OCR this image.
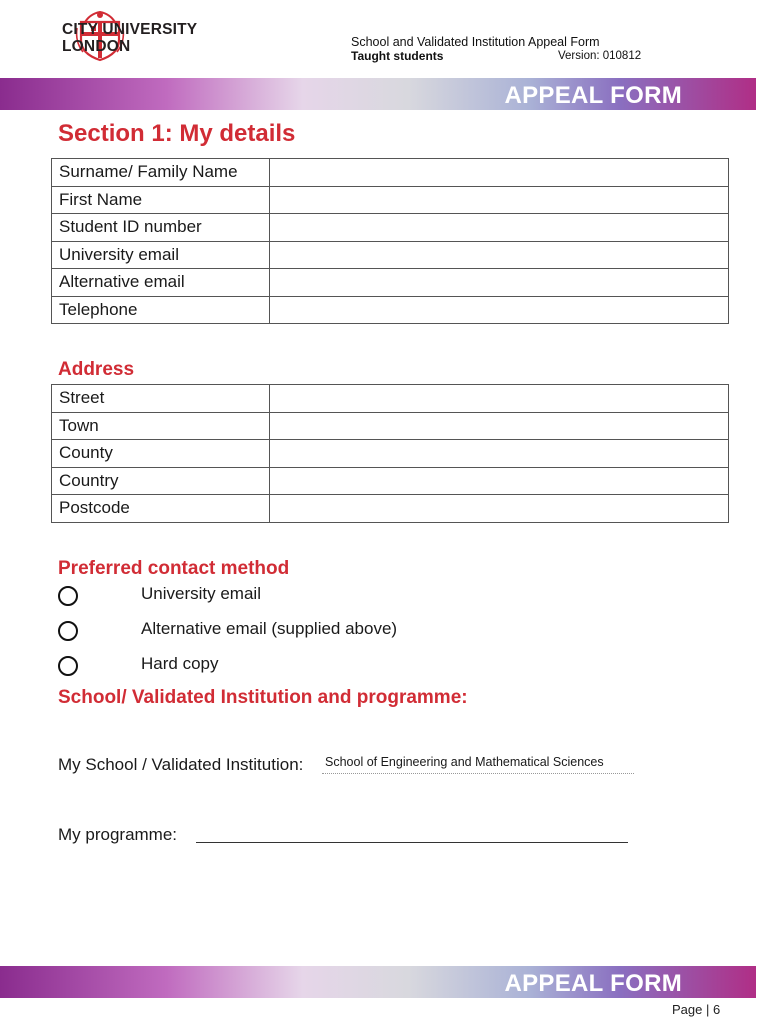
CITY UNIVERSITY
LONDON	School and Validated Institution Appeal Form
Taught students	Version: 010812
APPEAL FORM
Section 1: My details
Surname/ Family Name	
First Name	
Student ID number	
University email	
Alternative email	
Telephone	
Address
Street	
Town	
County	
Country	
Postcode	
Preferred contact method
University email
Alternative email (supplied above)
Hard copy
School/ Validated Institution and programme:
My School / Validated Institution: School of Engineering and Mathematical Sciences
My programme:
APPEAL FORM
Page | 6
